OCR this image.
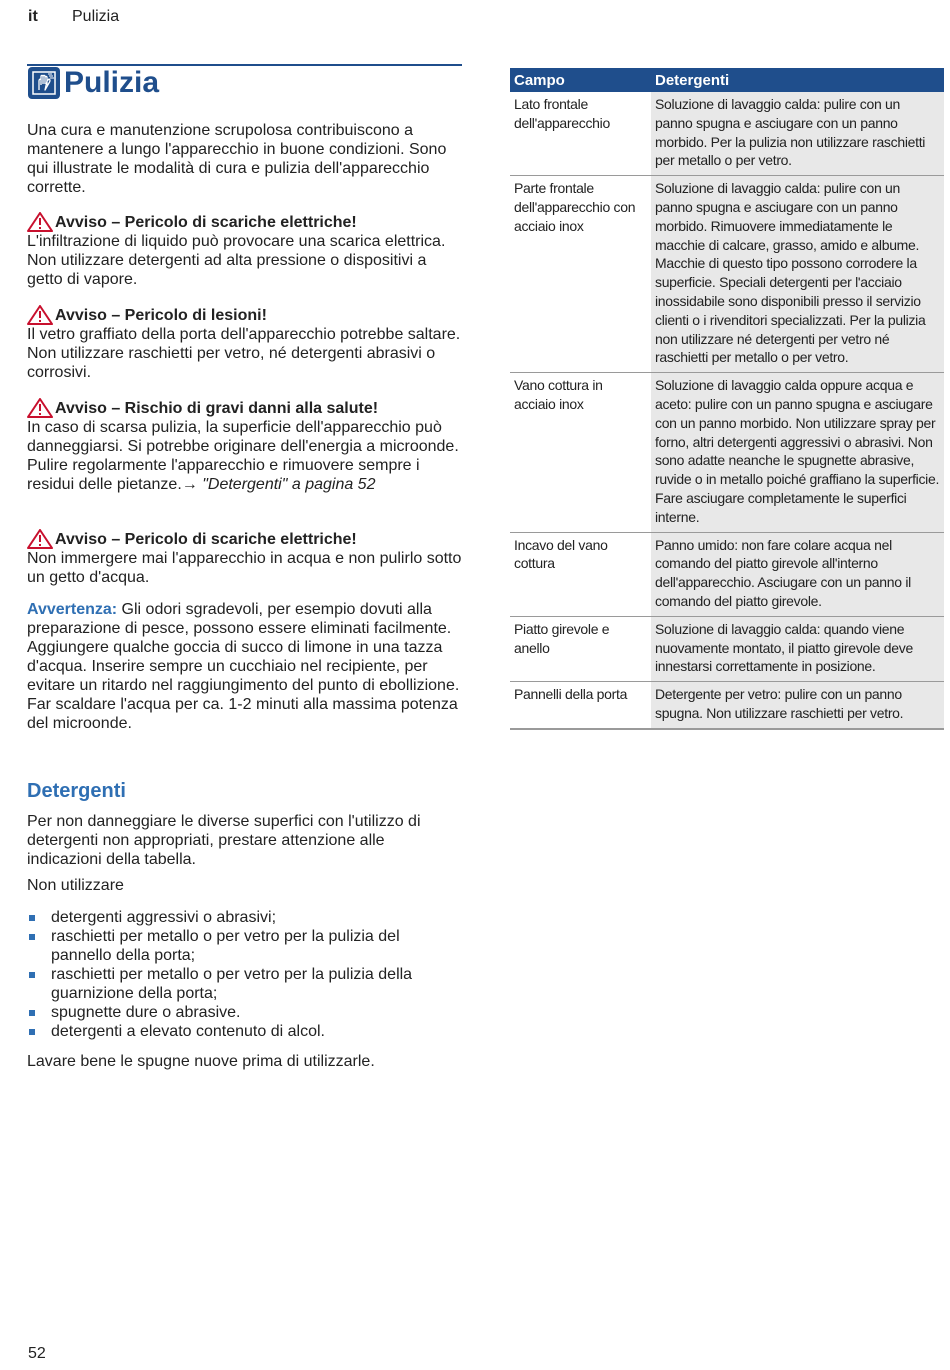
it Pulizia
Pulizia

Una cura e manutenzione scrupolosa contribuiscono a mantenere a lungo l'apparecchio in buone condizioni. Sono qui illustrate le modalità di cura e pulizia dell'apparecchio corrette.

Avviso – Pericolo di scariche elettriche!

L'infiltrazione di liquido può provocare una scarica elettrica. Non utilizzare detergenti ad alta pressione o dispositivi a getto di vapore.

Avviso – Pericolo di lesioni!

Il vetro graffiato della porta dell'apparecchio potrebbe saltare. Non utilizzare raschietti per vetro, né detergenti abrasivi o corrosivi.

Avviso – Rischio di gravi danni alla salute!

In caso di scarsa pulizia, la superficie dell'apparecchio può danneggiarsi. Si potrebbe originare dell'energia a microonde. Pulire regolarmente l'apparecchio e rimuovere sempre i residui delle pietanze.→ "Detergenti" a pagina 52

Avviso – Pericolo di scariche elettriche!

Non immergere mai l'apparecchio in acqua e non pulirlo sotto un getto d'acqua.

Avvertenza: Gli odori sgradevoli, per esempio dovuti alla preparazione di pesce, possono essere eliminati facilmente. Aggiungere qualche goccia di succo di limone in una tazza d'acqua. Inserire sempre un cucchiaio nel recipiente, per evitare un ritardo nel raggiungimento del punto di ebollizione. Far scaldare l'acqua per ca. 1-2 minuti alla massima potenza del microonde.

Detergenti

Per non danneggiare le diverse superfici con l'utilizzo di detergenti non appropriati, prestare attenzione alle indicazioni della tabella.

Non utilizzare

detergenti aggressivi o abrasivi;
raschietti per metallo o per vetro per la pulizia del pannello della porta;
raschietti per metallo o per vetro per la pulizia della guarnizione della porta;
spugnette dure o abrasive.
detergenti a elevato contenuto di alcol.

Lavare bene le spugne nuove prima di utilizzarle.

Campo	Detergenti
Lato frontale dell'apparecchio	Soluzione di lavaggio calda: pulire con un panno spugna e asciugare con un panno morbido. Per la pulizia non utilizzare raschietti per metallo o per vetro.
Parte frontale dell'apparecchio con acciaio inox	Soluzione di lavaggio calda: pulire con un panno spugna e asciugare con un panno morbido. Rimuovere immediatamente le macchie di calcare, grasso, amido e albume. Macchie di questo tipo possono corrodere la superficie. Speciali detergenti per l'acciaio inossidabile sono disponibili presso il servizio clienti o i rivenditori specializzati. Per la pulizia non utilizzare né detergenti per vetro né raschietti per metallo o per vetro.
Vano cottura in acciaio inox	Soluzione di lavaggio calda oppure acqua e aceto: pulire con un panno spugna e asciugare con un panno morbido. Non utilizzare spray per forno, altri detergenti aggressivi o abrasivi. Non sono adatte neanche le spugnette abrasive, ruvide o in metallo poiché graffiano la superficie. Fare asciugare completamente le superfici interne.
Incavo del vano cottura	Panno umido: non fare colare acqua nel comando del piatto girevole all'interno dell'apparecchio. Asciugare con un panno il comando del piatto girevole.
Piatto girevole e anello	Soluzione di lavaggio calda: quando viene nuovamente montato, il piatto girevole deve innestarsi correttamente in posizione.
Pannelli della porta	Detergente per vetro: pulire con un panno spugna. Non utilizzare raschietti per vetro.
52
